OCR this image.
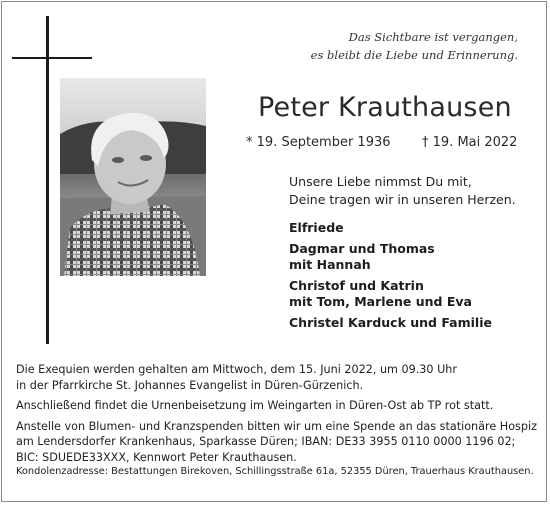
Das Sichtbare ist vergangen,
es bleibt die Liebe und Erinnerung.
Peter Krauthausen
* 19. September 1936 † 19. Mai 2022
Unsere Liebe nimmst Du mit,
Deine tragen wir in unseren Herzen.
Elfriede
Dagmar und Thomas
mit Hannah
Christof und Katrin
mit Tom, Marlene und Eva
Christel Karduck und Familie
Die Exequien werden gehalten am Mittwoch, dem 15. Juni 2022, um 09.30 Uhr
in der Pfarrkirche St. Johannes Evangelist in Düren-Gürzenich.
Anschließend findet die Urnenbeisetzung im Weingarten in Düren-Ost ab TP rot statt.
Anstelle von Blumen- und Kranzspenden bitten wir um eine Spende an das stationäre Hospiz
am Lendersdorfer Krankenhaus, Sparkasse Düren; IBAN: DE33 3955 0110 0000 1196 02;
BIC: SDUEDE33XXX, Kennwort Peter Krauthausen.
Kondolenzadresse: Bestattungen Birekoven, Schillingsstraße 61a, 52355 Düren, Trauerhaus Krauthausen.
